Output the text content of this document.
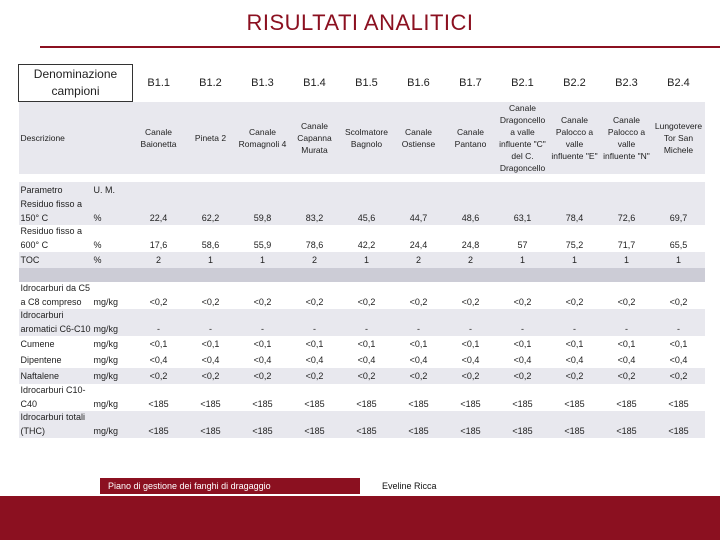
RISULTATI ANALITICI
Denominazione campioni		B1.1	B1.2	B1.3	B1.4	B1.5	B1.6	B1.7	B2.1	B2.2	B2.3	B2.4
Descrizione		Canale Baionetta	Pineta 2	Canale Romagnoli 4	Canale Capanna Murata	Scolmatore Bagnolo	Canale Ostiense	Canale Pantano	Canale Dragoncello a valle influente "C" del C. Dragoncello	Canale Palocco a valle influente "E"	Canale Palocco a valle influente "N"	Lungotevere Tor San Michele

Parametro	U. M.											
Residuo fisso a												
150° C	%	22,4	62,2	59,8	83,2	45,6	44,7	48,6	63,1	78,4	72,6	69,7
Residuo fisso a												
600° C	%	17,6	58,6	55,9	78,6	42,2	24,4	24,8	57	75,2	71,7	65,5
TOC	%	2	1	1	2	1	2	2	1	1	1	1

Idrocarburi da C5												
a C8 compreso	mg/kg	<0,2	<0,2	<0,2	<0,2	<0,2	<0,2	<0,2	<0,2	<0,2	<0,2	<0,2
Idrocarburi												
aromatici C6-C10	mg/kg	-	-	-	-	-	-	-	-	-	-	-
Cumene	mg/kg	<0,1	<0,1	<0,1	<0,1	<0,1	<0,1	<0,1	<0,1	<0,1	<0,1	<0,1
Dipentene	mg/kg	<0,4	<0,4	<0,4	<0,4	<0,4	<0,4	<0,4	<0,4	<0,4	<0,4	<0,4
Naftalene	mg/kg	<0,2	<0,2	<0,2	<0,2	<0,2	<0,2	<0,2	<0,2	<0,2	<0,2	<0,2
Idrocarburi C10-												
C40	mg/kg	<185	<185	<185	<185	<185	<185	<185	<185	<185	<185	<185
Idrocarburi totali												
(THC)	mg/kg	<185	<185	<185	<185	<185	<185	<185	<185	<185	<185	<185
Piano di gestione dei fanghi di dragaggio	Eveline Ricca
